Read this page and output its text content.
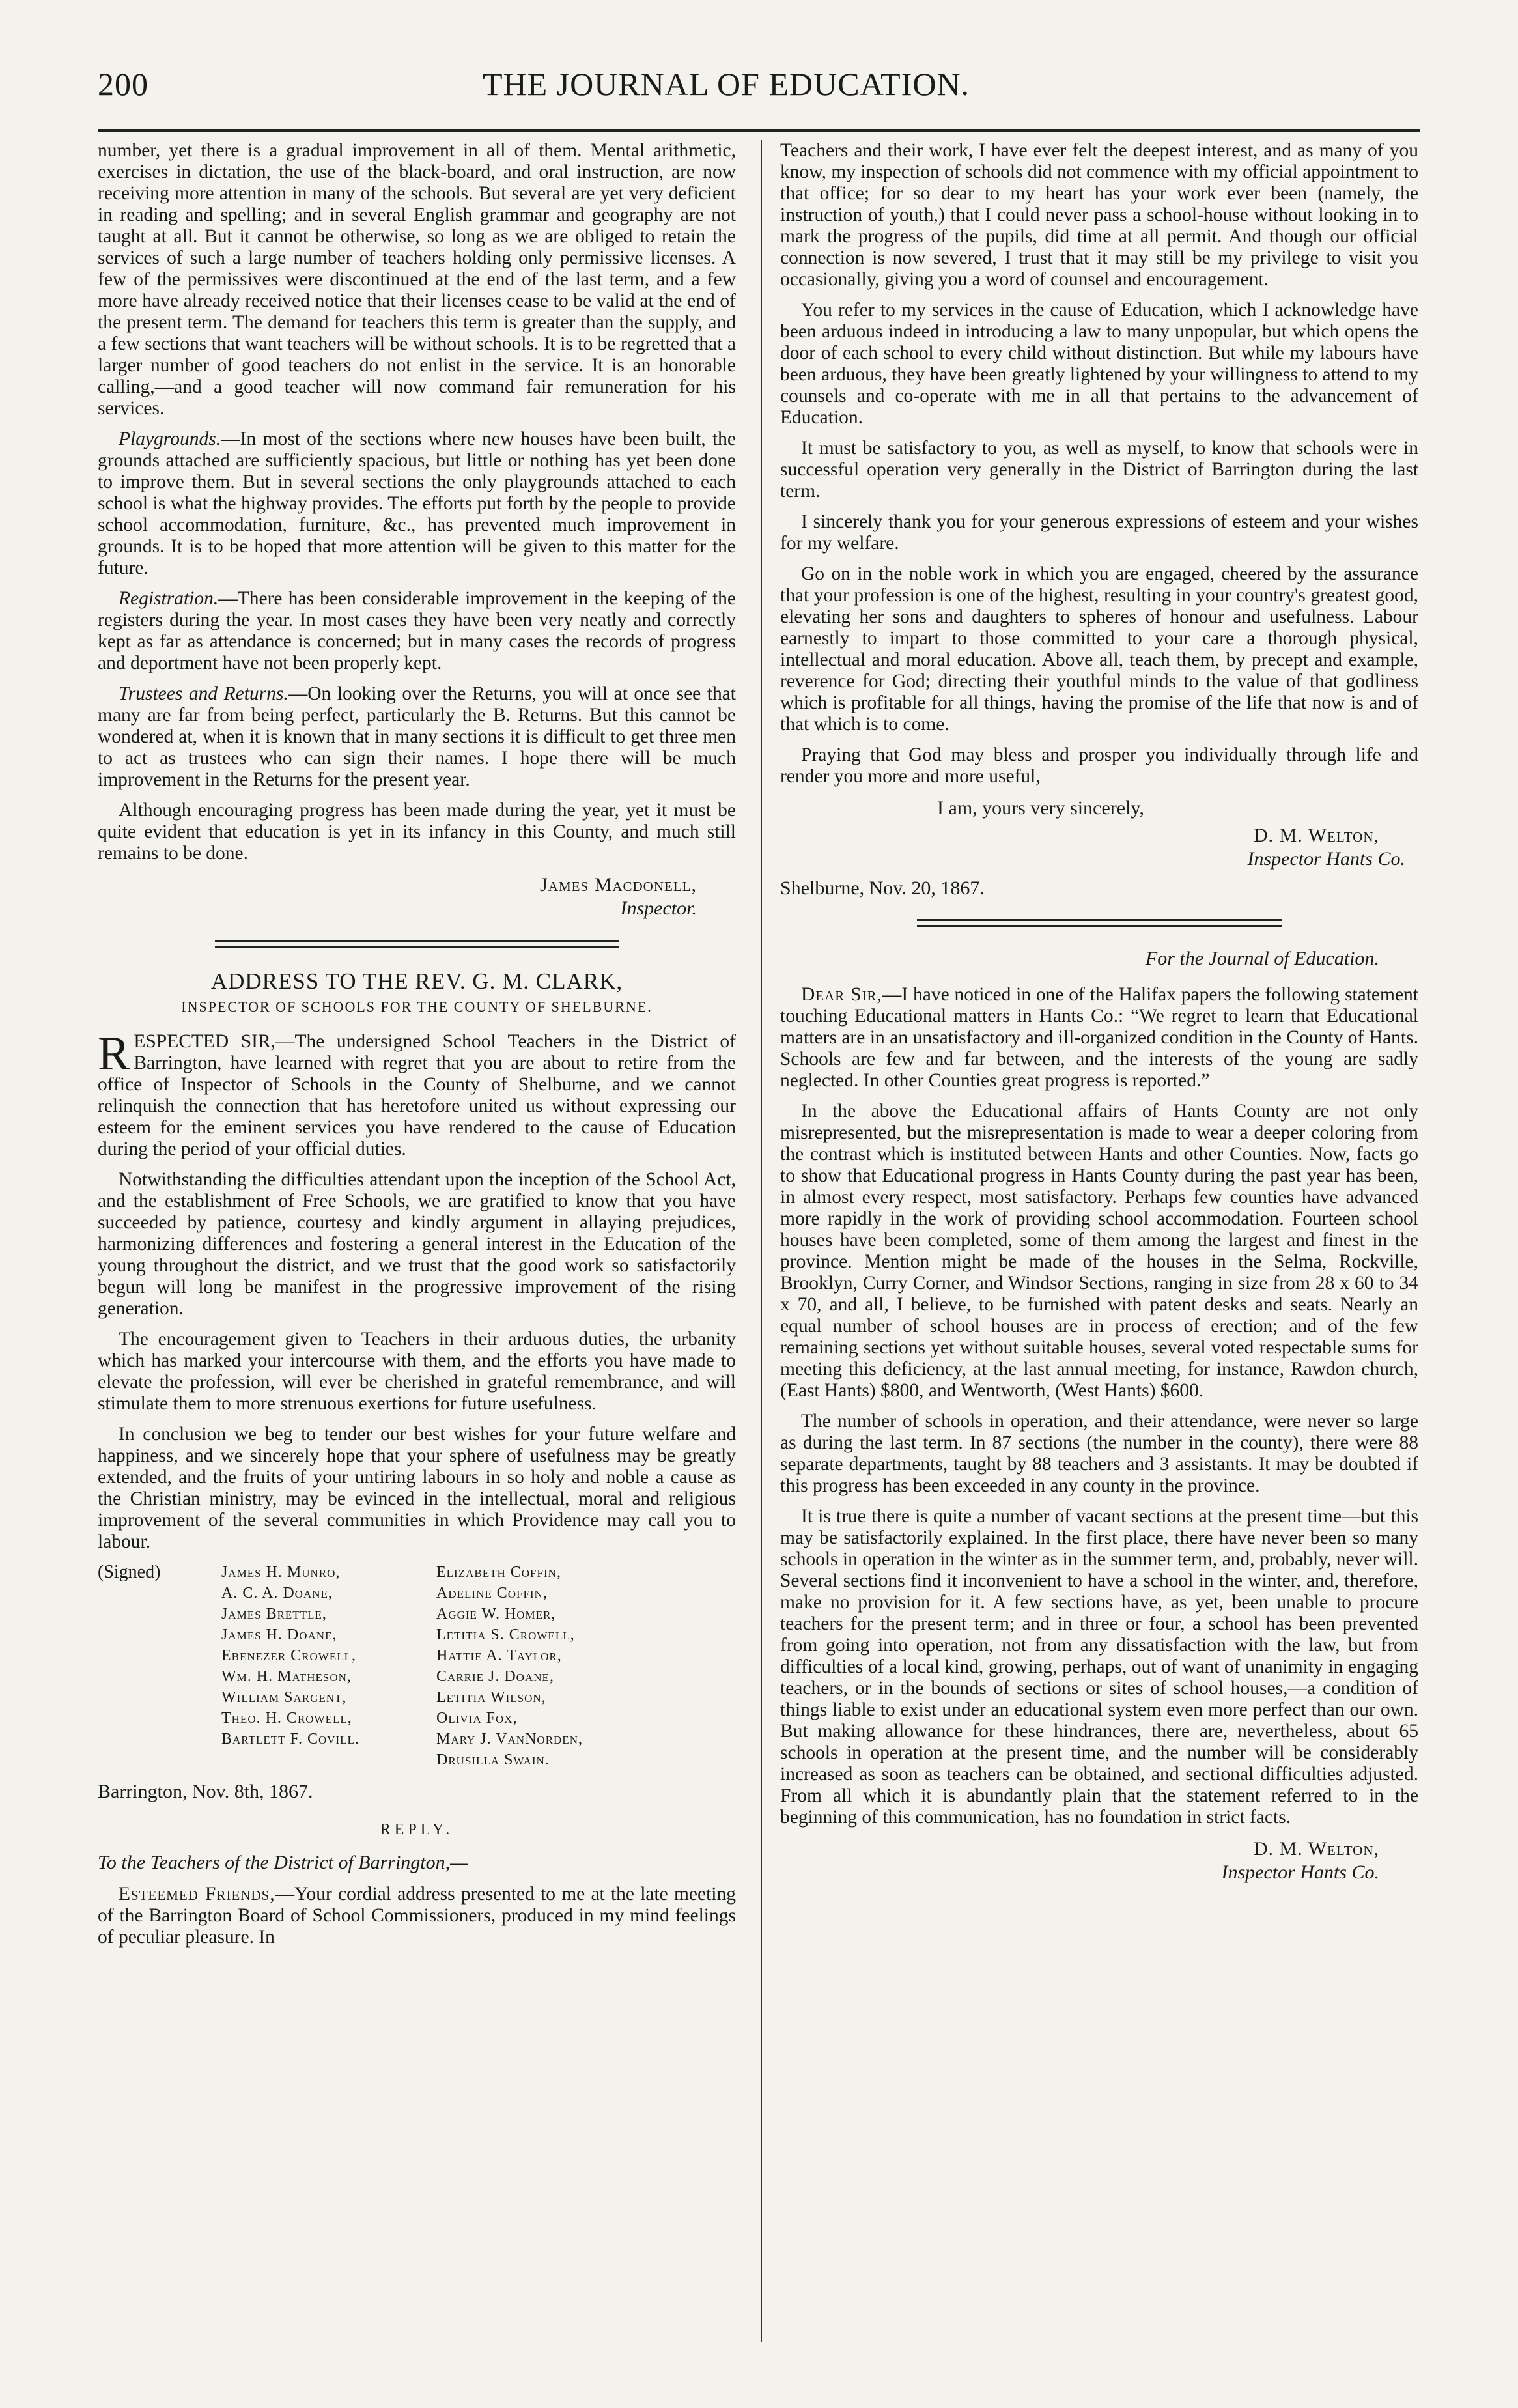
200	THE JOURNAL OF EDUCATION.

number, yet there is a gradual improvement in all of them. Mental arithmetic, exercises in dictation, the use of the black-board, and oral instruction, are now receiving more attention in many of the schools. But several are yet very deficient in reading and spelling; and in several English grammar and geography are not taught at all. But it cannot be otherwise, so long as we are obliged to retain the services of such a large number of teachers holding only permissive licenses. A few of the permissives were discontinued at the end of the last term, and a few more have already received notice that their licenses cease to be valid at the end of the present term. The demand for teachers this term is greater than the supply, and a few sections that want teachers will be without schools. It is to be regretted that a larger number of good teachers do not enlist in the service. It is an honorable calling,—and a good teacher will now command fair remuneration for his services.

Playgrounds.—In most of the sections where new houses have been built, the grounds attached are sufficiently spacious, but little or nothing has yet been done to improve them. But in several sections the only playgrounds attached to each school is what the highway provides. The efforts put forth by the people to provide school accommodation, furniture, &c., has prevented much improvement in grounds. It is to be hoped that more attention will be given to this matter for the future.

Registration.—There has been considerable improvement in the keeping of the registers during the year. In most cases they have been very neatly and correctly kept as far as attendance is concerned; but in many cases the records of progress and deportment have not been properly kept.

Trustees and Returns.—On looking over the Returns, you will at once see that many are far from being perfect, particularly the B. Returns. But this cannot be wondered at, when it is known that in many sections it is difficult to get three men to act as trustees who can sign their names. I hope there will be much improvement in the Returns for the present year.

Although encouraging progress has been made during the year, yet it must be quite evident that education is yet in its infancy in this County, and much still remains to be done.

James Macdonell,
Inspector.
ADDRESS TO THE REV. G. M. CLARK,
INSPECTOR OF SCHOOLS FOR THE COUNTY OF SHELBURNE.

RESPECTED SIR,—The undersigned School Teachers in the District of Barrington, have learned with regret that you are about to retire from the office of Inspector of Schools in the County of Shelburne, and we cannot relinquish the connection that has heretofore united us without expressing our esteem for the eminent services you have rendered to the cause of Education during the period of your official duties.

Notwithstanding the difficulties attendant upon the inception of the School Act, and the establishment of Free Schools, we are gratified to know that you have succeeded by patience, courtesy and kindly argument in allaying prejudices, harmonizing differences and fostering a general interest in the Education of the young throughout the district, and we trust that the good work so satisfactorily begun will long be manifest in the progressive improvement of the rising generation.

The encouragement given to Teachers in their arduous duties, the urbanity which has marked your intercourse with them, and the efforts you have made to elevate the profession, will ever be cherished in grateful remembrance, and will stimulate them to more strenuous exertions for future usefulness.

In conclusion we beg to tender our best wishes for your future welfare and happiness, and we sincerely hope that your sphere of usefulness may be greatly extended, and the fruits of your untiring labours in so holy and noble a cause as the Christian ministry, may be evinced in the intellectual, moral and religious improvement of the several communities in which Providence may call you to labour.

(Signed)	James H. Munro,
A. C. A. Doane,
James Brettle,
James H. Doane,
Ebenezer Crowell,
Wm. H. Matheson,
William Sargent,
Theo. H. Crowell,
Bartlett F. Covill.
Elizabeth Coffin,
Adeline Coffin,
Aggie W. Homer,
Letitia S. Crowell,
Hattie A. Taylor,
Carrie J. Doane,
Letitia Wilson,
Olivia Fox,
Mary J. VanNorden,
Drusilla Swain.
Barrington, Nov. 8th, 1867.
REPLY.

To the Teachers of the District of Barrington,—

Esteemed Friends,—Your cordial address presented to me at the late meeting of the Barrington Board of School Commissioners, produced in my mind feelings of peculiar pleasure. In

Teachers and their work, I have ever felt the deepest interest, and as many of you know, my inspection of schools did not commence with my official appointment to that office; for so dear to my heart has your work ever been (namely, the instruction of youth,) that I could never pass a school-house without looking in to mark the progress of the pupils, did time at all permit. And though our official connection is now severed, I trust that it may still be my privilege to visit you occasionally, giving you a word of counsel and encouragement.

You refer to my services in the cause of Education, which I acknowledge have been arduous indeed in introducing a law to many unpopular, but which opens the door of each school to every child without distinction. But while my labours have been arduous, they have been greatly lightened by your willingness to attend to my counsels and co-operate with me in all that pertains to the advancement of Education.

It must be satisfactory to you, as well as myself, to know that schools were in successful operation very generally in the District of Barrington during the last term.

I sincerely thank you for your generous expressions of esteem and your wishes for my welfare.

Go on in the noble work in which you are engaged, cheered by the assurance that your profession is one of the highest, resulting in your country's greatest good, elevating her sons and daughters to spheres of honour and usefulness. Labour earnestly to impart to those committed to your care a thorough physical, intellectual and moral education. Above all, teach them, by precept and example, reverence for God; directing their youthful minds to the value of that godliness which is profitable for all things, having the promise of the life that now is and of that which is to come.

Praying that God may bless and prosper you individually through life and render you more and more useful,

I am, yours very sincerely,
D. M. Welton,
Inspector Hants Co.
Shelburne, Nov. 20, 1867.
For the Journal of Education.

Dear Sir,—I have noticed in one of the Halifax papers the following statement touching Educational matters in Hants Co.: “We regret to learn that Educational matters are in an unsatisfactory and ill-organized condition in the County of Hants. Schools are few and far between, and the interests of the young are sadly neglected. In other Counties great progress is reported.”

In the above the Educational affairs of Hants County are not only misrepresented, but the misrepresentation is made to wear a deeper coloring from the contrast which is instituted between Hants and other Counties. Now, facts go to show that Educational progress in Hants County during the past year has been, in almost every respect, most satisfactory. Perhaps few counties have advanced more rapidly in the work of providing school accommodation. Fourteen school houses have been completed, some of them among the largest and finest in the province. Mention might be made of the houses in the Selma, Rockville, Brooklyn, Curry Corner, and Windsor Sections, ranging in size from 28 x 60 to 34 x 70, and all, I believe, to be furnished with patent desks and seats. Nearly an equal number of school houses are in process of erection; and of the few remaining sections yet without suitable houses, several voted respectable sums for meeting this deficiency, at the last annual meeting, for instance, Rawdon church, (East Hants) $800, and Wentworth, (West Hants) $600.

The number of schools in operation, and their attendance, were never so large as during the last term. In 87 sections (the number in the county), there were 88 separate departments, taught by 88 teachers and 3 assistants. It may be doubted if this progress has been exceeded in any county in the province.

It is true there is quite a number of vacant sections at the present time—but this may be satisfactorily explained. In the first place, there have never been so many schools in operation in the winter as in the summer term, and, probably, never will. Several sections find it inconvenient to have a school in the winter, and, therefore, make no provision for it. A few sections have, as yet, been unable to procure teachers for the present term; and in three or four, a school has been prevented from going into operation, not from any dissatisfaction with the law, but from difficulties of a local kind, growing, perhaps, out of want of unanimity in engaging teachers, or in the bounds of sections or sites of school houses,—a condition of things liable to exist under an educational system even more perfect than our own. But making allowance for these hindrances, there are, nevertheless, about 65 schools in operation at the present time, and the number will be considerably increased as soon as teachers can be obtained, and sectional difficulties adjusted. From all which it is abundantly plain that the statement referred to in the beginning of this communication, has no foundation in strict facts.

D. M. Welton,
Inspector Hants Co.
